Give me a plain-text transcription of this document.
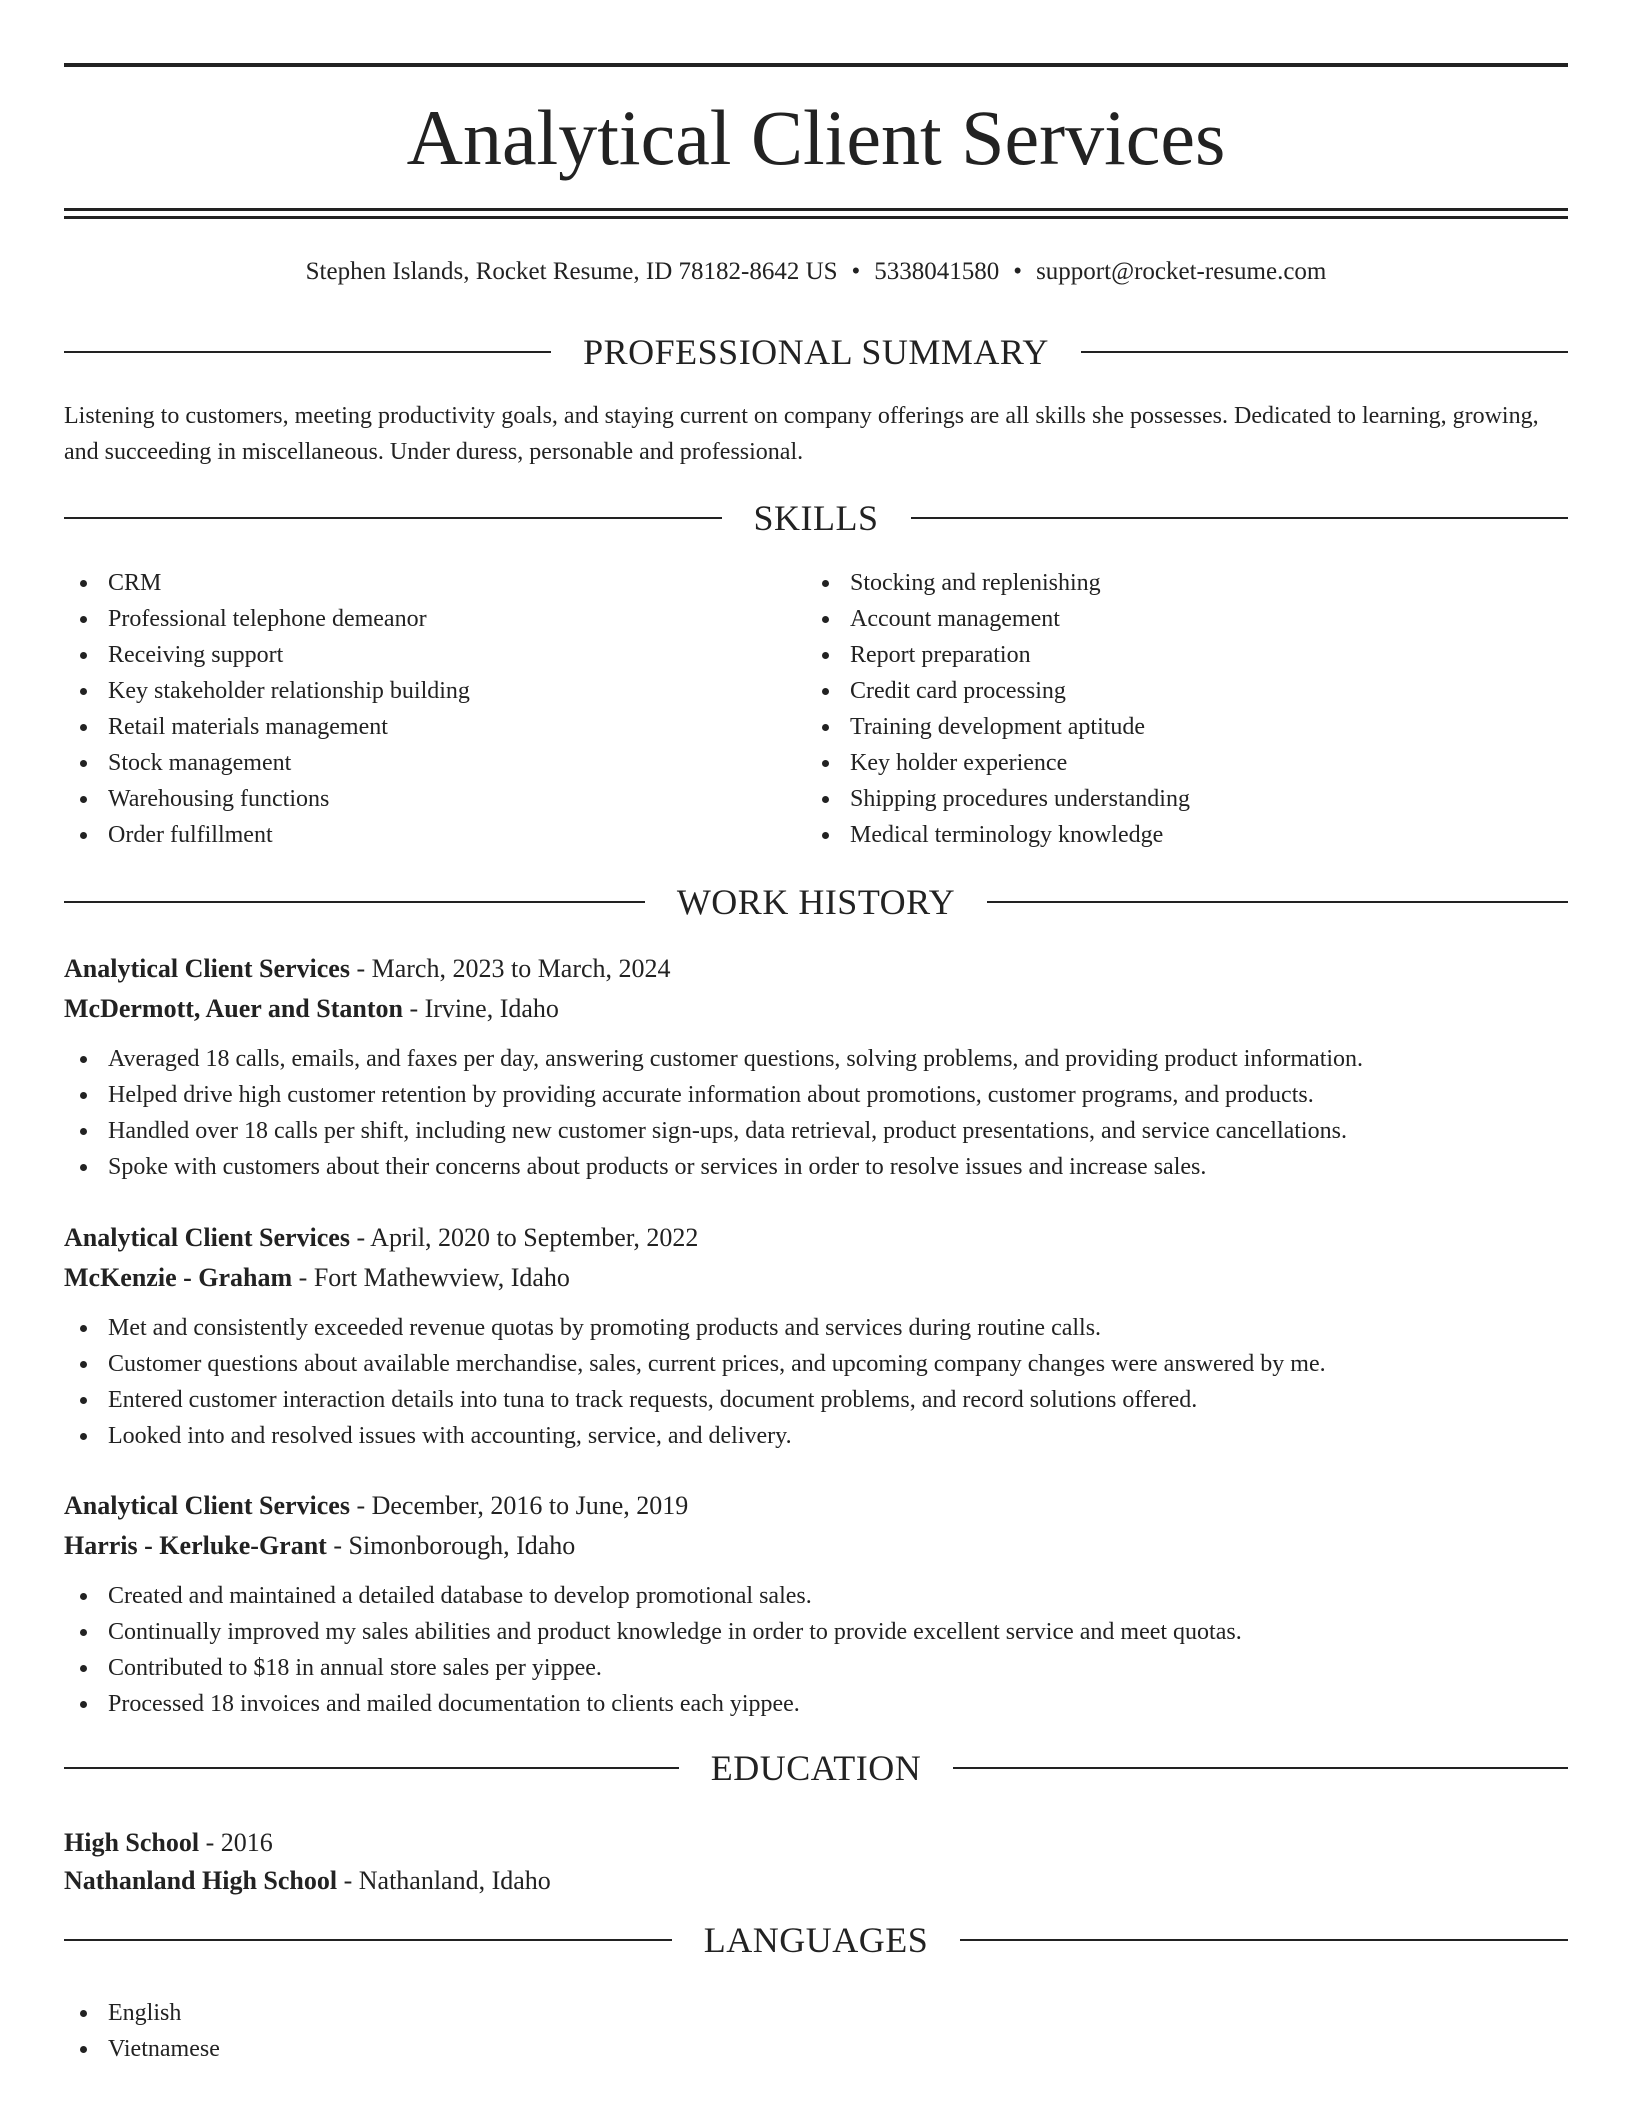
Analytical Client Services
Stephen Islands, Rocket Resume, ID 78182-8642 US • 5338041580 • support@rocket-resume.com
PROFESSIONAL SUMMARY

Listening to customers, meeting productivity goals, and staying current on company offerings are all skills she possesses. Dedicated to learning, growing, and succeeding in miscellaneous. Under duress, personable and professional.

SKILLS
CRM
Professional telephone demeanor
Receiving support
Key stakeholder relationship building
Retail materials management
Stock management
Warehousing functions
Order fulfillment
Stocking and replenishing
Account management
Report preparation
Credit card processing
Training development aptitude
Key holder experience
Shipping procedures understanding
Medical terminology knowledge
WORK HISTORY
Analytical Client Services - March, 2023 to March, 2024
McDermott, Auer and Stanton - Irvine, Idaho
Averaged 18 calls, emails, and faxes per day, answering customer questions, solving problems, and providing product information.
Helped drive high customer retention by providing accurate information about promotions, customer programs, and products.
Handled over 18 calls per shift, including new customer sign-ups, data retrieval, product presentations, and service cancellations.
Spoke with customers about their concerns about products or services in order to resolve issues and increase sales.
Analytical Client Services - April, 2020 to September, 2022
McKenzie - Graham - Fort Mathewview, Idaho
Met and consistently exceeded revenue quotas by promoting products and services during routine calls.
Customer questions about available merchandise, sales, current prices, and upcoming company changes were answered by me.
Entered customer interaction details into tuna to track requests, document problems, and record solutions offered.
Looked into and resolved issues with accounting, service, and delivery.
Analytical Client Services - December, 2016 to June, 2019
Harris - Kerluke-Grant - Simonborough, Idaho
Created and maintained a detailed database to develop promotional sales.
Continually improved my sales abilities and product knowledge in order to provide excellent service and meet quotas.
Contributed to $18 in annual store sales per yippee.
Processed 18 invoices and mailed documentation to clients each yippee.
EDUCATION
High School - 2016
Nathanland High School - Nathanland, Idaho
LANGUAGES
English
Vietnamese
